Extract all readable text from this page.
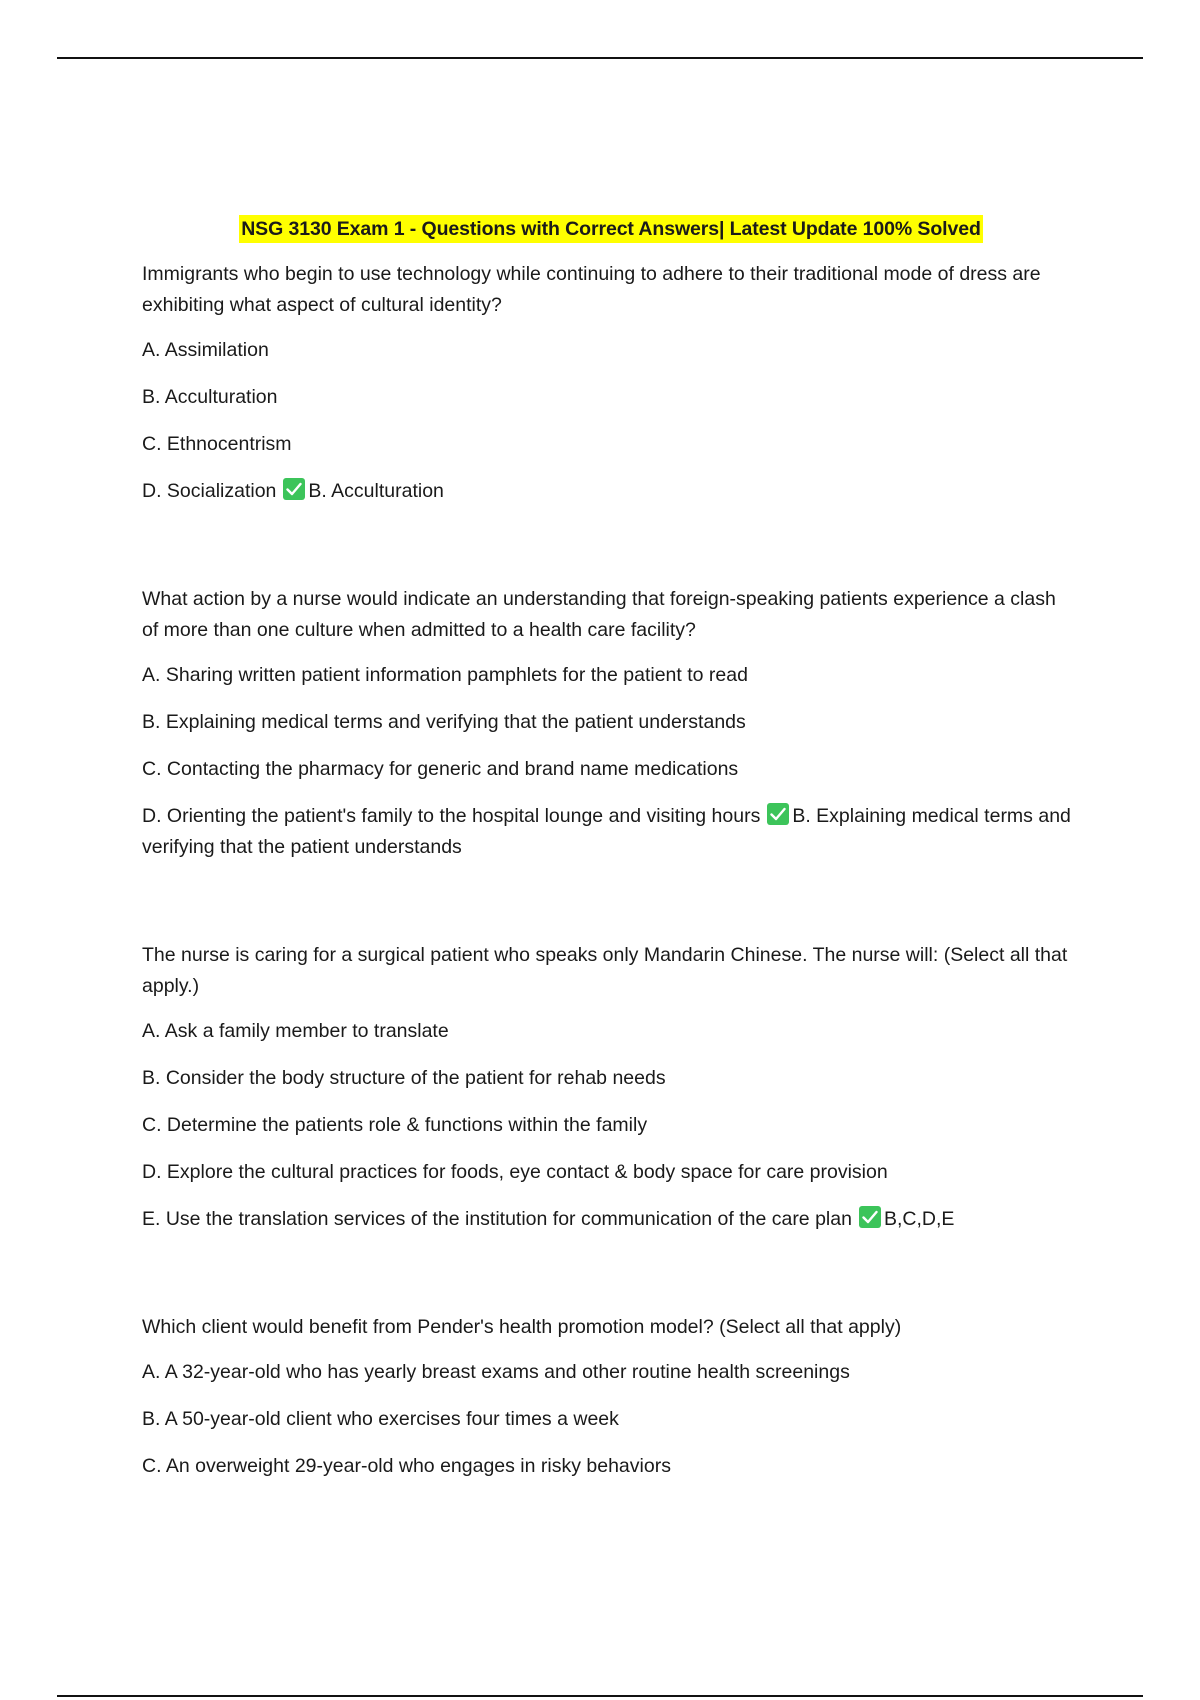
NSG 3130 Exam 1 - Questions with Correct Answers| Latest Update 100% Solved

Immigrants who begin to use technology while continuing to adhere to their traditional mode of dress are exhibiting what aspect of cultural identity?

A. Assimilation
B. Acculturation
C. Ethnocentrism
D. Socialization B. Acculturation

What action by a nurse would indicate an understanding that foreign-speaking patients experience a clash of more than one culture when admitted to a health care facility?

A. Sharing written patient information pamphlets for the patient to read
B. Explaining medical terms and verifying that the patient understands
C. Contacting the pharmacy for generic and brand name medications
D. Orienting the patient's family to the hospital lounge and visiting hours B. Explaining medical terms and verifying that the patient understands

The nurse is caring for a surgical patient who speaks only Mandarin Chinese. The nurse will: (Select all that apply.)

A. Ask a family member to translate
B. Consider the body structure of the patient for rehab needs
C. Determine the patients role & functions within the family
D. Explore the cultural practices for foods, eye contact & body space for care provision
E. Use the translation services of the institution for communication of the care plan B,C,D,E

Which client would benefit from Pender's health promotion model? (Select all that apply)

A. A 32-year-old who has yearly breast exams and other routine health screenings
B. A 50-year-old client who exercises four times a week
C. An overweight 29-year-old who engages in risky behaviors
